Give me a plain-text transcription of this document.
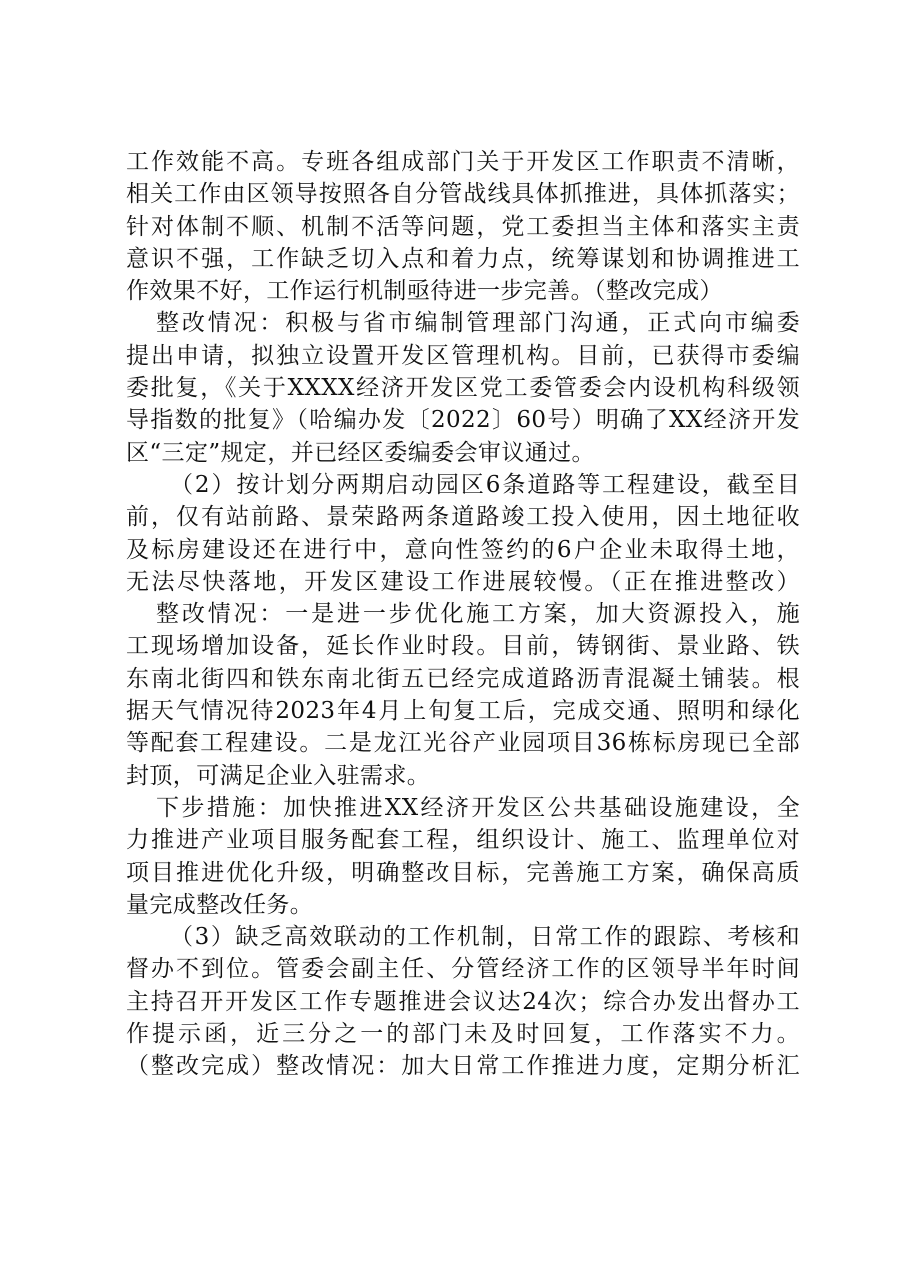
工作效能不高。专班各组成部门关于开发区工作职责不清晰，
相关工作由区领导按照各自分管战线具体抓推进，具体抓落实；
针对体制不顺、机制不活等问题，党工委担当主体和落实主责
意识不强，工作缺乏切入点和着力点，统筹谋划和协调推进工
作效果不好，工作运行机制亟待进一步完善。（整改完成）
整改情况：积极与省市编制管理部门沟通，正式向市编委
提出申请，拟独立设置开发区管理机构。目前，已获得市委编
委批复，《关于XXXX经济开发区党工委管委会内设机构科级领
导指数的批复》（哈编办发〔2022〕60号）明确了XX经济开发
区“三定”规定，并已经区委编委会审议通过。
（2）按计划分两期启动园区6条道路等工程建设，截至目
前，仅有站前路、景荣路两条道路竣工投入使用，因土地征收
及标房建设还在进行中，意向性签约的6户企业未取得土地，
无法尽快落地，开发区建设工作进展较慢。（正在推进整改）
整改情况：一是进一步优化施工方案，加大资源投入，施
工现场增加设备，延长作业时段。目前，铸钢街、景业路、铁
东南北街四和铁东南北街五已经完成道路沥青混凝土铺装。根
据天气情况待2023年4月上旬复工后，完成交通、照明和绿化
等配套工程建设。二是龙江光谷产业园项目36栋标房现已全部
封顶，可满足企业入驻需求。
下步措施：加快推进XX经济开发区公共基础设施建设，全
力推进产业项目服务配套工程，组织设计、施工、监理单位对
项目推进优化升级，明确整改目标，完善施工方案，确保高质
量完成整改任务。
（3）缺乏高效联动的工作机制，日常工作的跟踪、考核和
督办不到位。管委会副主任、分管经济工作的区领导半年时间
主持召开开发区工作专题推进会议达24次；综合办发出督办工
作提示函，近三分之一的部门未及时回复，工作落实不力。
（整改完成）整改情况：加大日常工作推进力度，定期分析汇
